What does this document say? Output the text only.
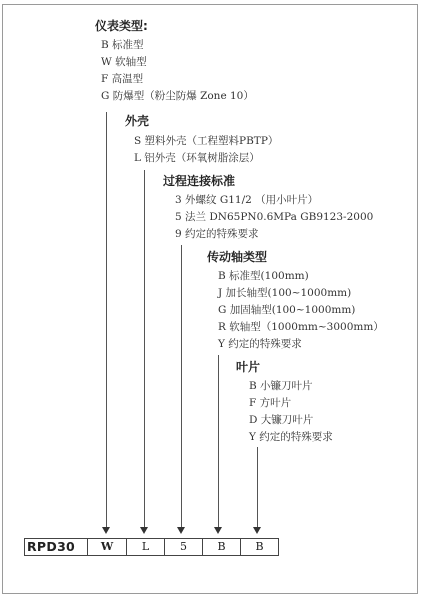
仪表类型:
B 标准型
W 软轴型
F 高温型
G 防爆型（粉尘防爆 Zone 10）
外壳
S 塑料外壳（工程塑料PBTP）
L 铝外壳（环氧树脂涂层）
过程连接标准
3 外螺纹 G11/2 （用小叶片）
5 法兰 DN65PN0.6MPa GB9123-2000
9 约定的特殊要求
传动轴类型
B 标准型(100mm)
J 加长轴型(100~1000mm)
G 加固轴型(100~1000mm)
R 软轴型（1000mm~3000mm）
Y 约定的特殊要求
叶片
B 小镰刀叶片
F 方叶片
D 大镰刀叶片
Y 约定的特殊要求
RPD30	W	L	5	B	B
